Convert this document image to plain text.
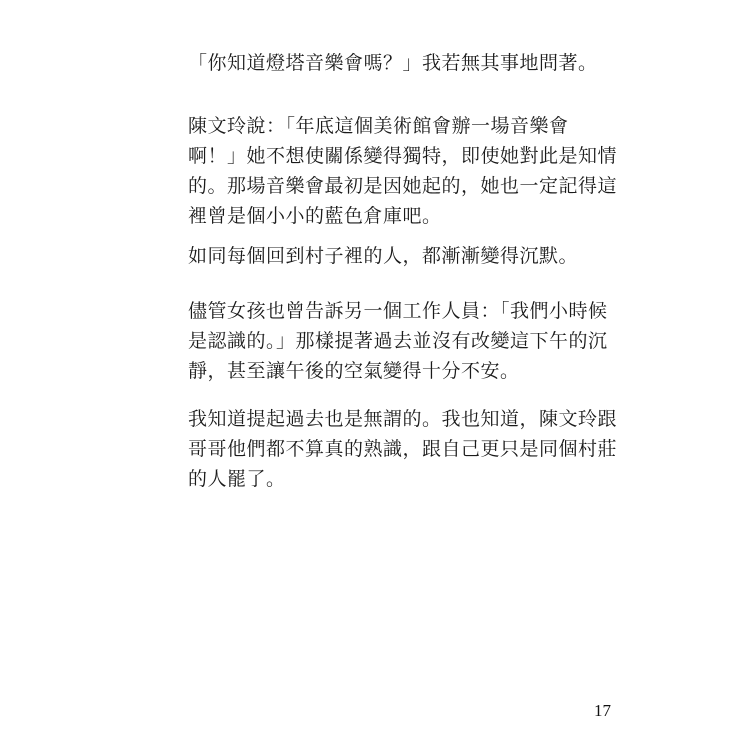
「你知道燈塔音樂會嗎？」我若無其事地問著。
陳文玲說：「年底這個美術館會辦一場音樂會
啊！」她不想使關係變得獨特，即使她對此是知情
的。那場音樂會最初是因她起的，她也一定記得這
裡曾是個小小的藍色倉庫吧。
如同每個回到村子裡的人，都漸漸變得沉默。
儘管女孩也曾告訴另一個工作人員：「我們小時候
是認識的。」那樣提著過去並沒有改變這下午的沉
靜，甚至讓午後的空氣變得十分不安。
我知道提起過去也是無謂的。我也知道，陳文玲跟
哥哥他們都不算真的熟識，跟自己更只是同個村莊
的人罷了。
17
